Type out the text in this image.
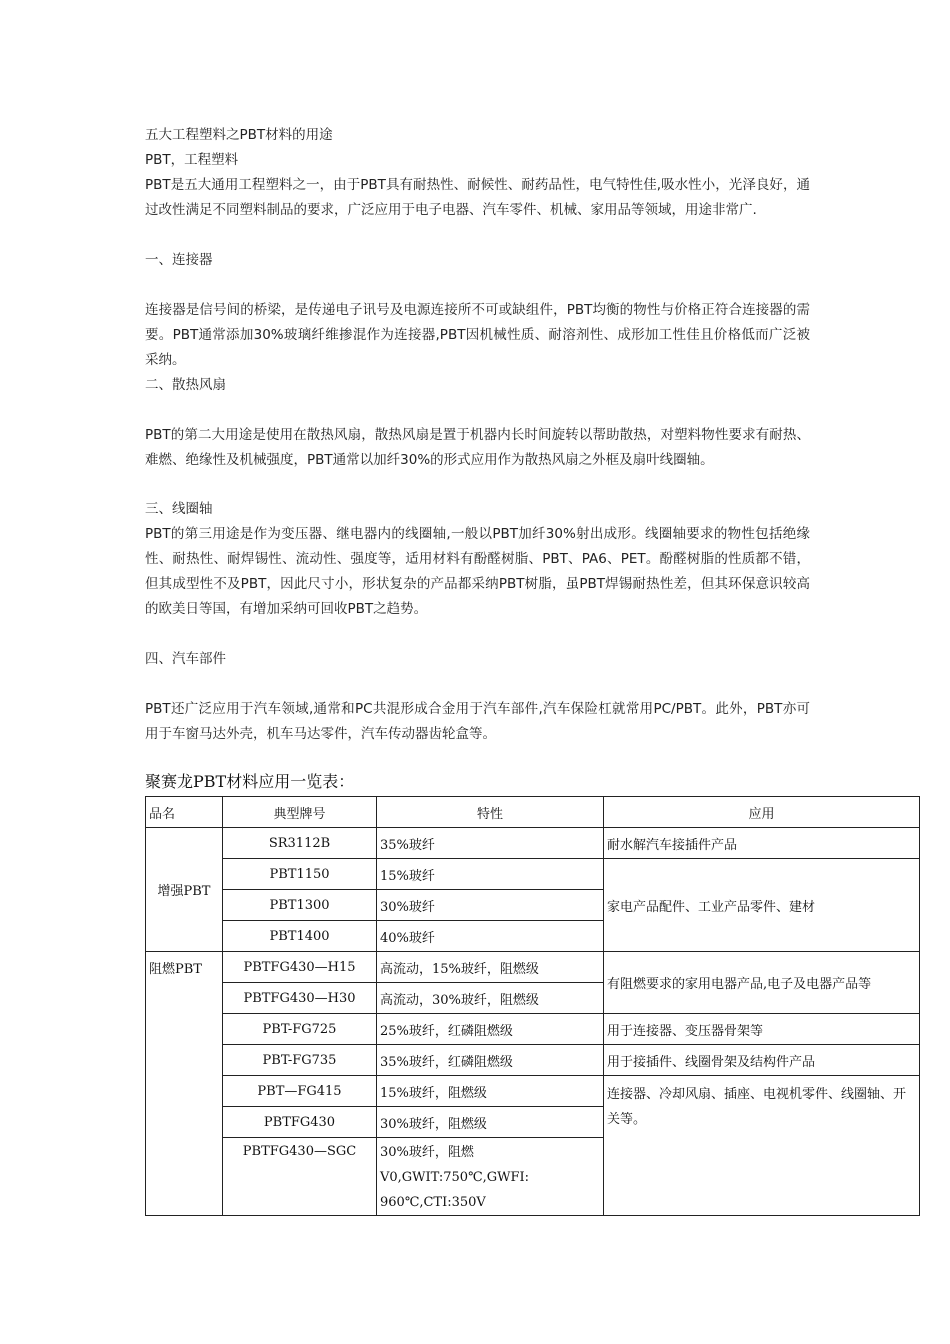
五大工程塑料之PBT材料的用途
PBT，工程塑料

PBT是五大通用工程塑料之一，由于PBT具有耐热性、耐候性、耐药品性，电气特性佳,吸水性小，光泽良好，通过改性满足不同塑料制品的要求，广泛应用于电子电器、汽车零件、机械、家用品等领域，用途非常广.

一、连接器

连接器是信号间的桥梁，是传递电子讯号及电源连接所不可或缺组件，PBT均衡的物性与价格正符合连接器的需要。PBT通常添加30%玻璃纤维掺混作为连接器,PBT因机械性质、耐溶剂性、成形加工性佳且价格低而广泛被采纳。

二、散热风扇

PBT的第二大用途是使用在散热风扇，散热风扇是置于机器内长时间旋转以帮助散热，对塑料物性要求有耐热、难燃、绝缘性及机械强度，PBT通常以加纤30%的形式应用作为散热风扇之外框及扇叶线圈轴。

三、线圈轴

PBT的第三用途是作为变压器、继电器内的线圈轴,一般以PBT加纤30%射出成形。线圈轴要求的物性包括绝缘性、耐热性、耐焊锡性、流动性、强度等，适用材料有酚醛树脂、PBT、PA6、PET。酚醛树脂的性质都不错，但其成型性不及PBT，因此尺寸小，形状复杂的产品都采纳PBT树脂，虽PBT焊锡耐热性差，但其环保意识较高的欧美日等国，有增加采纳可回收PBT之趋势。

四、汽车部件

PBT还广泛应用于汽车领域,通常和PC共混形成合金用于汽车部件,汽车保险杠就常用PC/PBT。此外，PBT亦可用于车窗马达外壳，机车马达零件，汽车传动器齿轮盒等。

聚赛龙PBT材料应用一览表：
品名	典型牌号	特性	应用
增强PBT	SR3112B	35%玻纤	耐水解汽车接插件产品
	PBT1150	15%玻纤	家电产品配件、工业产品零件、建材
	PBT1300	30%玻纤	
	PBT1400	40%玻纤	
阻燃PBT	PBTFG430—H15	高流动，15%玻纤，阻燃级	有阻燃要求的家用电器产品,电子及电器产品等
	PBTFG430—H30	高流动，30%玻纤，阻燃级	
	PBT-FG725	25%玻纤，红磷阻燃级	用于连接器、变压器骨架等
	PBT-FG735	35%玻纤，红磷阻燃级	用于接插件、线圈骨架及结构件产品
	PBT—FG415	15%玻纤，阻燃级	连接器、冷却风扇、插座、电视机零件、线圈轴、开关等。
	PBTFG430	30%玻纤，阻燃级	
	PBTFG430—SGC	30%玻纤，阻燃
V0,GWIT:750℃,GWFI:
960℃,CTI:350V	
